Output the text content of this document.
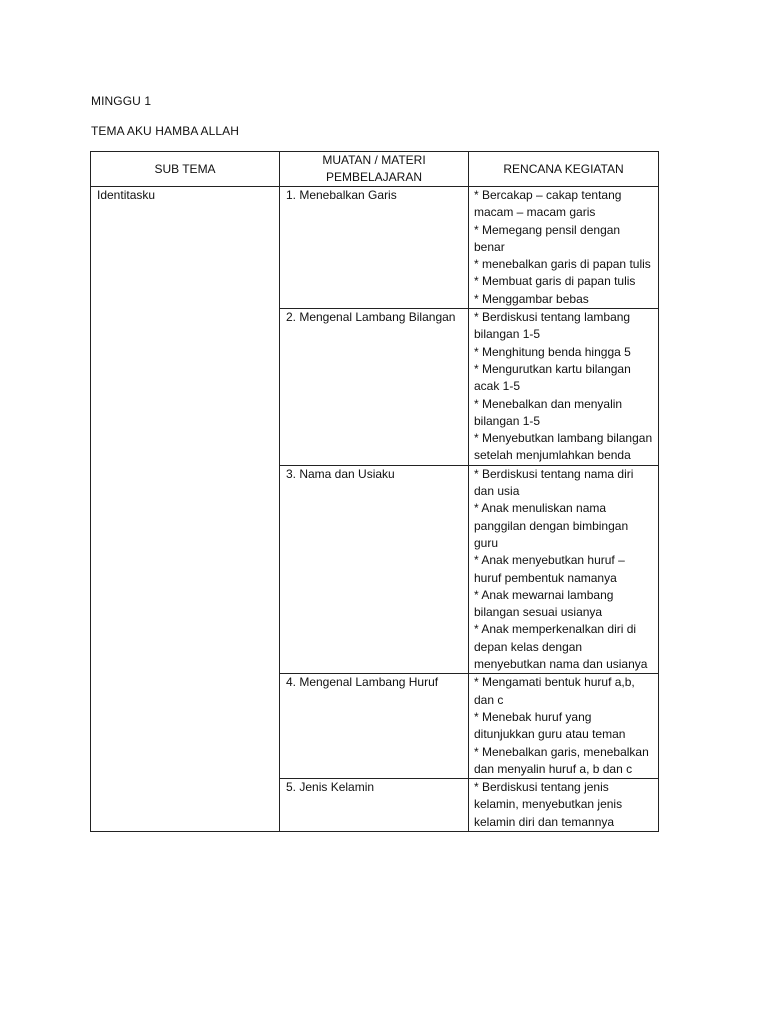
MINGGU 1
TEMA AKU HAMBA ALLAH
SUB TEMA	MUATAN / MATERI PEMBELAJARAN	RENCANA KEGIATAN
Identitasku	1. Menebalkan Garis	* Bercakap – cakap tentang macam – macam garis
* Memegang pensil dengan benar
* menebalkan garis di papan tulis
* Membuat garis di papan tulis
* Menggambar bebas

	2. Mengenal Lambang Bilangan	* Berdiskusi tentang lambang bilangan 1-5
* Menghitung benda hingga 5
* Mengurutkan kartu bilangan acak 1-5
* Menebalkan dan menyalin bilangan 1-5
* Menyebutkan lambang bilangan setelah menjumlahkan benda

	3. Nama dan Usiaku	* Berdiskusi tentang nama diri dan usia
* Anak menuliskan nama panggilan dengan bimbingan guru
* Anak menyebutkan huruf – huruf pembentuk namanya
* Anak mewarnai lambang bilangan sesuai usianya
* Anak memperkenalkan diri di depan kelas dengan menyebutkan nama dan usianya

	4. Mengenal Lambang Huruf	* Mengamati bentuk huruf a,b, dan c
* Menebak huruf yang ditunjukkan guru atau teman
* Menebalkan garis, menebalkan dan menyalin huruf a, b dan c

	5. Jenis Kelamin	* Berdiskusi tentang jenis kelamin, menyebutkan jenis kelamin diri dan temannya
